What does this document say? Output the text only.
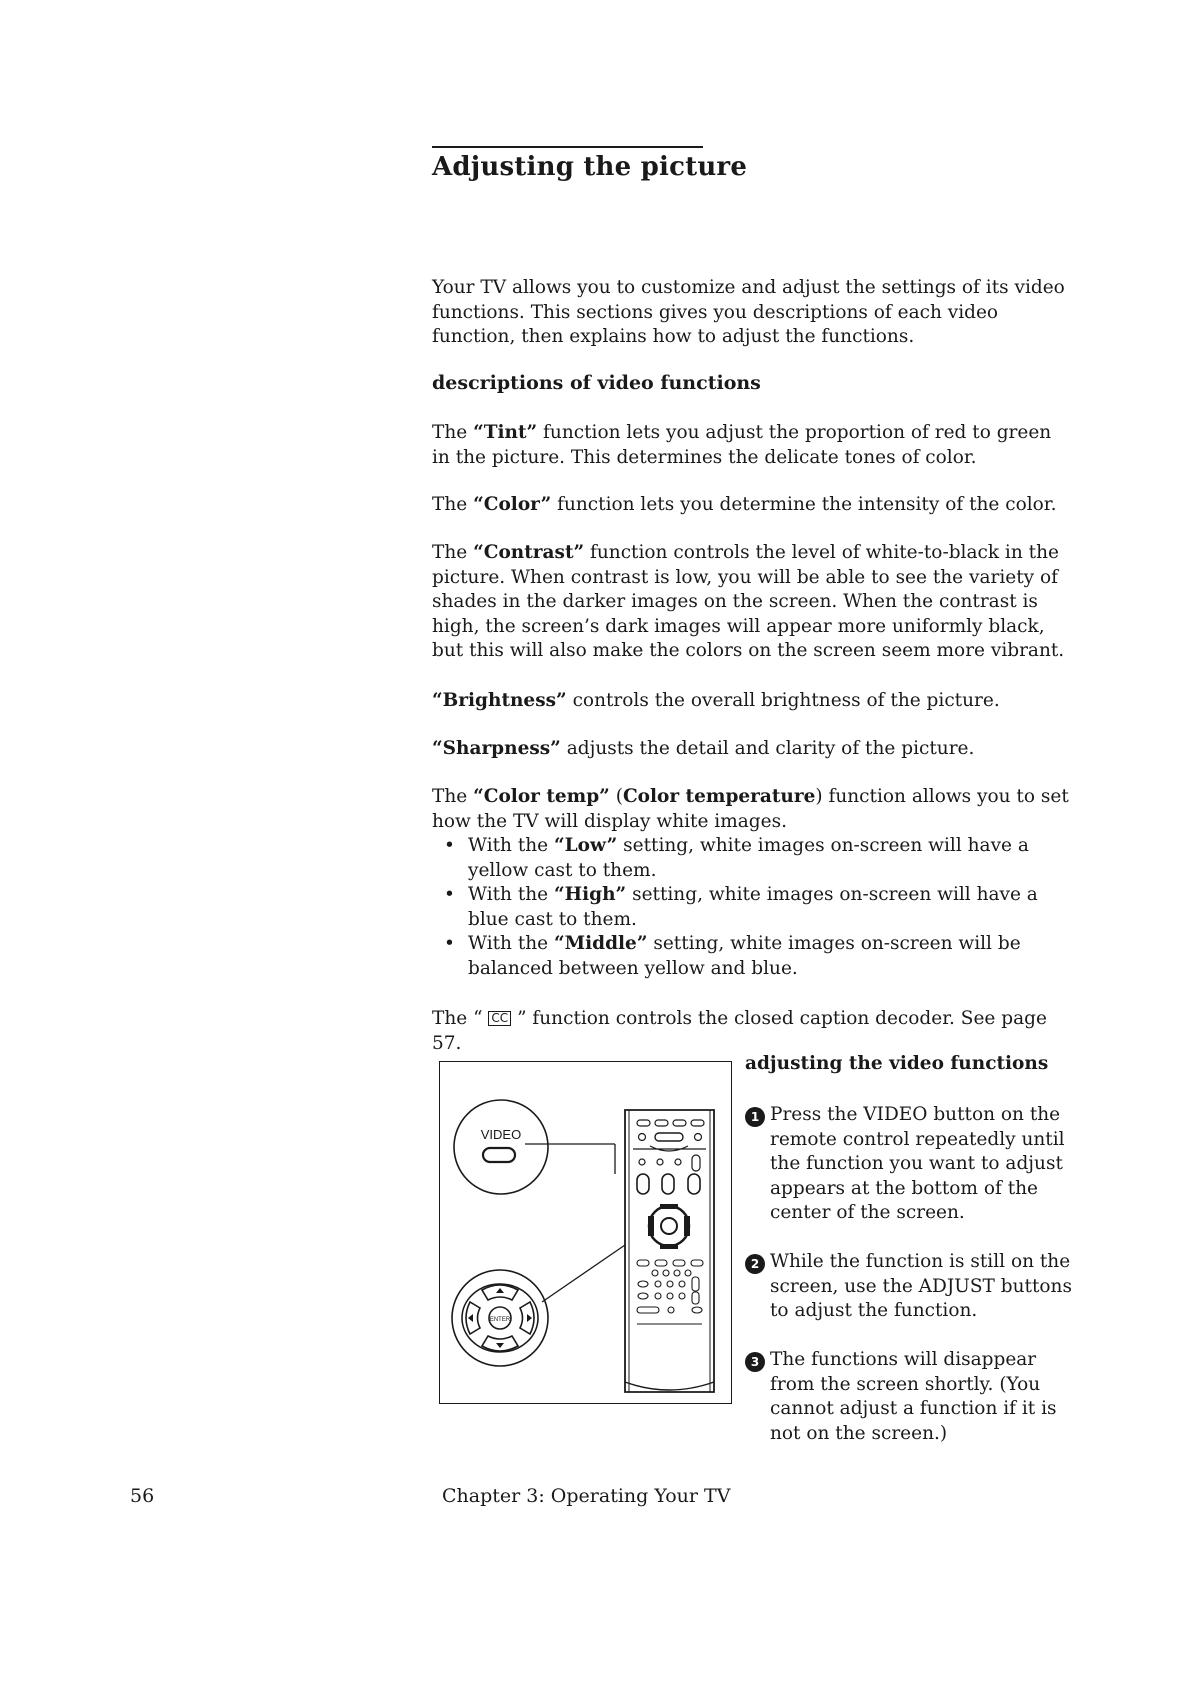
Adjusting the picture

Your TV allows you to customize and adjust the settings of its video functions. This sections gives you descriptions of each video function, then explains how to adjust the functions.

descriptions of video functions

The “Tint” function lets you adjust the proportion of red to green in the picture. This determines the delicate tones of color.

The “Color” function lets you determine the intensity of the color.

The “Contrast” function controls the level of white-to-black in the picture. When contrast is low, you will be able to see the variety of shades in the darker images on the screen. When the contrast is high, the screen’s dark images will appear more uniformly black, but this will also make the colors on the screen seem more vibrant.

“Brightness” controls the overall brightness of the picture.

“Sharpness” adjusts the detail and clarity of the picture.

The “Color temp” (Color temperature) function allows you to set how the TV will display white images.

• With the “Low” setting, white images on-screen will have a yellow cast to them.
• With the “High” setting, white images on-screen will have a blue cast to them.
• With the “Middle” setting, white images on-screen will be balanced between yellow and blue.

The “ CC ” function controls the closed caption decoder. See page 57.

VIDEO
ENTER
adjusting the video functions
1 Press the VIDEO button on the remote control repeatedly until the function you want to adjust appears at the bottom of the center of the screen.
2 While the function is still on the screen, use the ADJUST buttons to adjust the function.
3 The functions will disappear from the screen shortly. (You cannot adjust a function if it is not on the screen.)
56	Chapter 3: Operating Your TV
